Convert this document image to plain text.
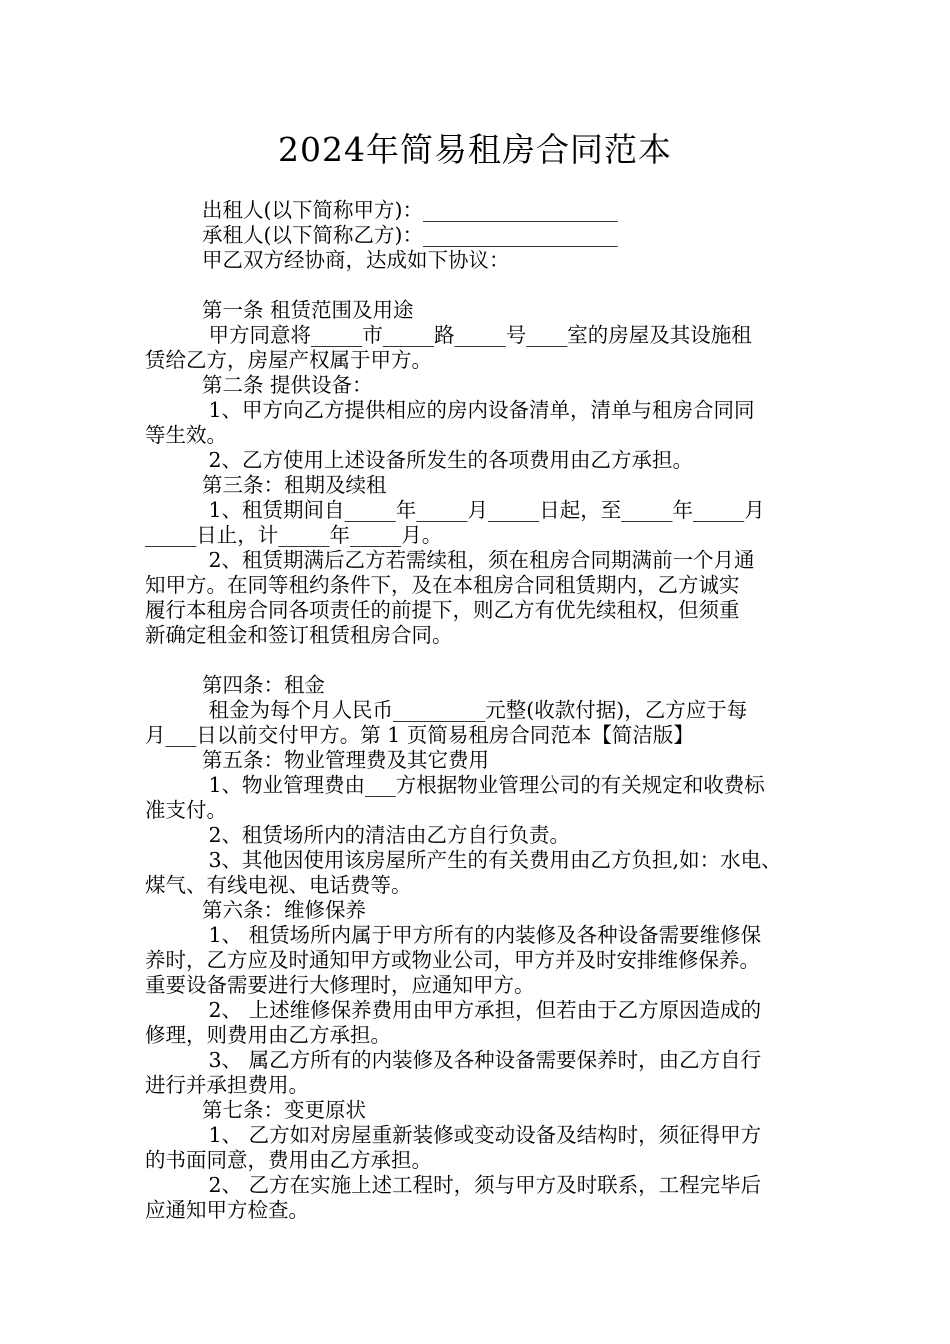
2024年简易租房合同范本
出租人(以下简称甲方)：___________________
承租人(以下简称乙方)：___________________
甲乙双方经协商，达成如下协议：
第一条 租赁范围及用途
甲方同意将_____市_____路_____号____室的房屋及其设施租
赁给乙方，房屋产权属于甲方。
第二条 提供设备：
1、甲方向乙方提供相应的房内设备清单，清单与租房合同同
等生效。
2、乙方使用上述设备所发生的各项费用由乙方承担。
第三条：租期及续租
1、租赁期间自_____年_____月_____日起，至_____年_____月
_____日止，计_____年_____月。
2、租赁期满后乙方若需续租，须在租房合同期满前一个月通
知甲方。在同等租约条件下，及在本租房合同租赁期内，乙方诚实
履行本租房合同各项责任的前提下，则乙方有优先续租权，但须重
新确定租金和签订租赁租房合同。
第四条：租金
租金为每个月人民币_________元整(收款付据)，乙方应于每
月___日以前交付甲方。第 1 页简易租房合同范本【简洁版】
第五条：物业管理费及其它费用
1、物业管理费由___方根据物业管理公司的有关规定和收费标
准支付。
2、租赁场所内的清洁由乙方自行负责。
3、其他因使用该房屋所产生的有关费用由乙方负担,如：水电、
煤气、有线电视、电话费等。
第六条：维修保养
1、 租赁场所内属于甲方所有的内装修及各种设备需要维修保
养时，乙方应及时通知甲方或物业公司，甲方并及时安排维修保养。
重要设备需要进行大修理时，应通知甲方。
2、 上述维修保养费用由甲方承担，但若由于乙方原因造成的
修理，则费用由乙方承担。
3、 属乙方所有的内装修及各种设备需要保养时，由乙方自行
进行并承担费用。
第七条：变更原状
1、 乙方如对房屋重新装修或变动设备及结构时，须征得甲方
的书面同意，费用由乙方承担。
2、 乙方在实施上述工程时，须与甲方及时联系，工程完毕后
应通知甲方检查。
